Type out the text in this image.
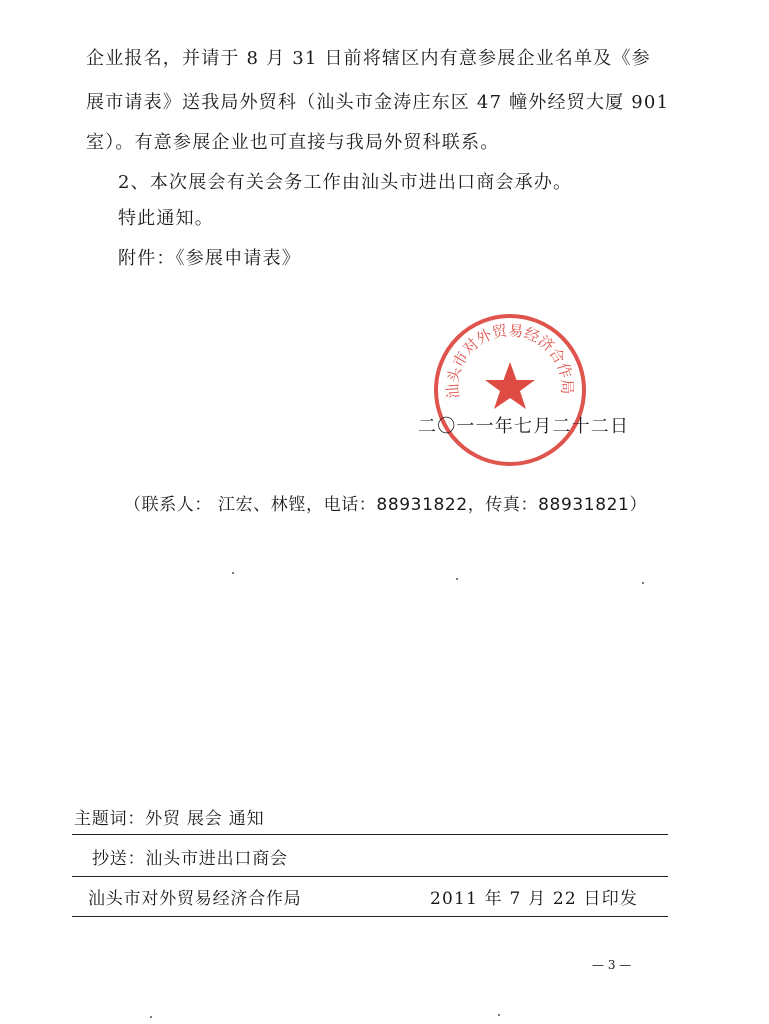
企业报名，并请于 8 月 31 日前将辖区内有意参展企业名单及《参
展市请表》送我局外贸科（汕头市金涛庄东区 47 幢外经贸大厦 901
室）。有意参展企业也可直接与我局外贸科联系。
2、本次展会有关会务工作由汕头市进出口商会承办。
特此通知。
附件：《参展申请表》
汕头市对外贸易经济合作局
二〇一一年七月二十二日
（联系人： 江宏、林铿，电话：88931822，传真：88931821）
主题词：外贸 展会 通知
抄送：汕头市进出口商会
汕头市对外贸易经济合作局	2011 年 7 月 22 日印发
— 3 —
